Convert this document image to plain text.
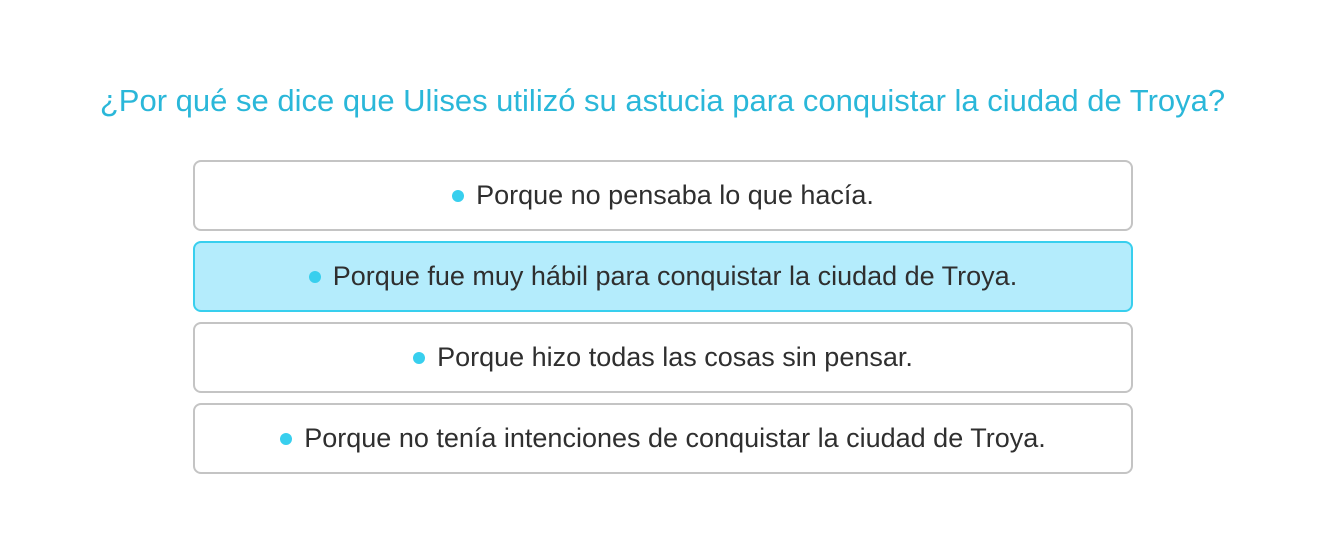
¿Por qué se dice que Ulises utilizó su astucia para conquistar la ciudad de Troya?
Porque no pensaba lo que hacía.
Porque fue muy hábil para conquistar la ciudad de Troya.
Porque hizo todas las cosas sin pensar.
Porque no tenía intenciones de conquistar la ciudad de Troya.
